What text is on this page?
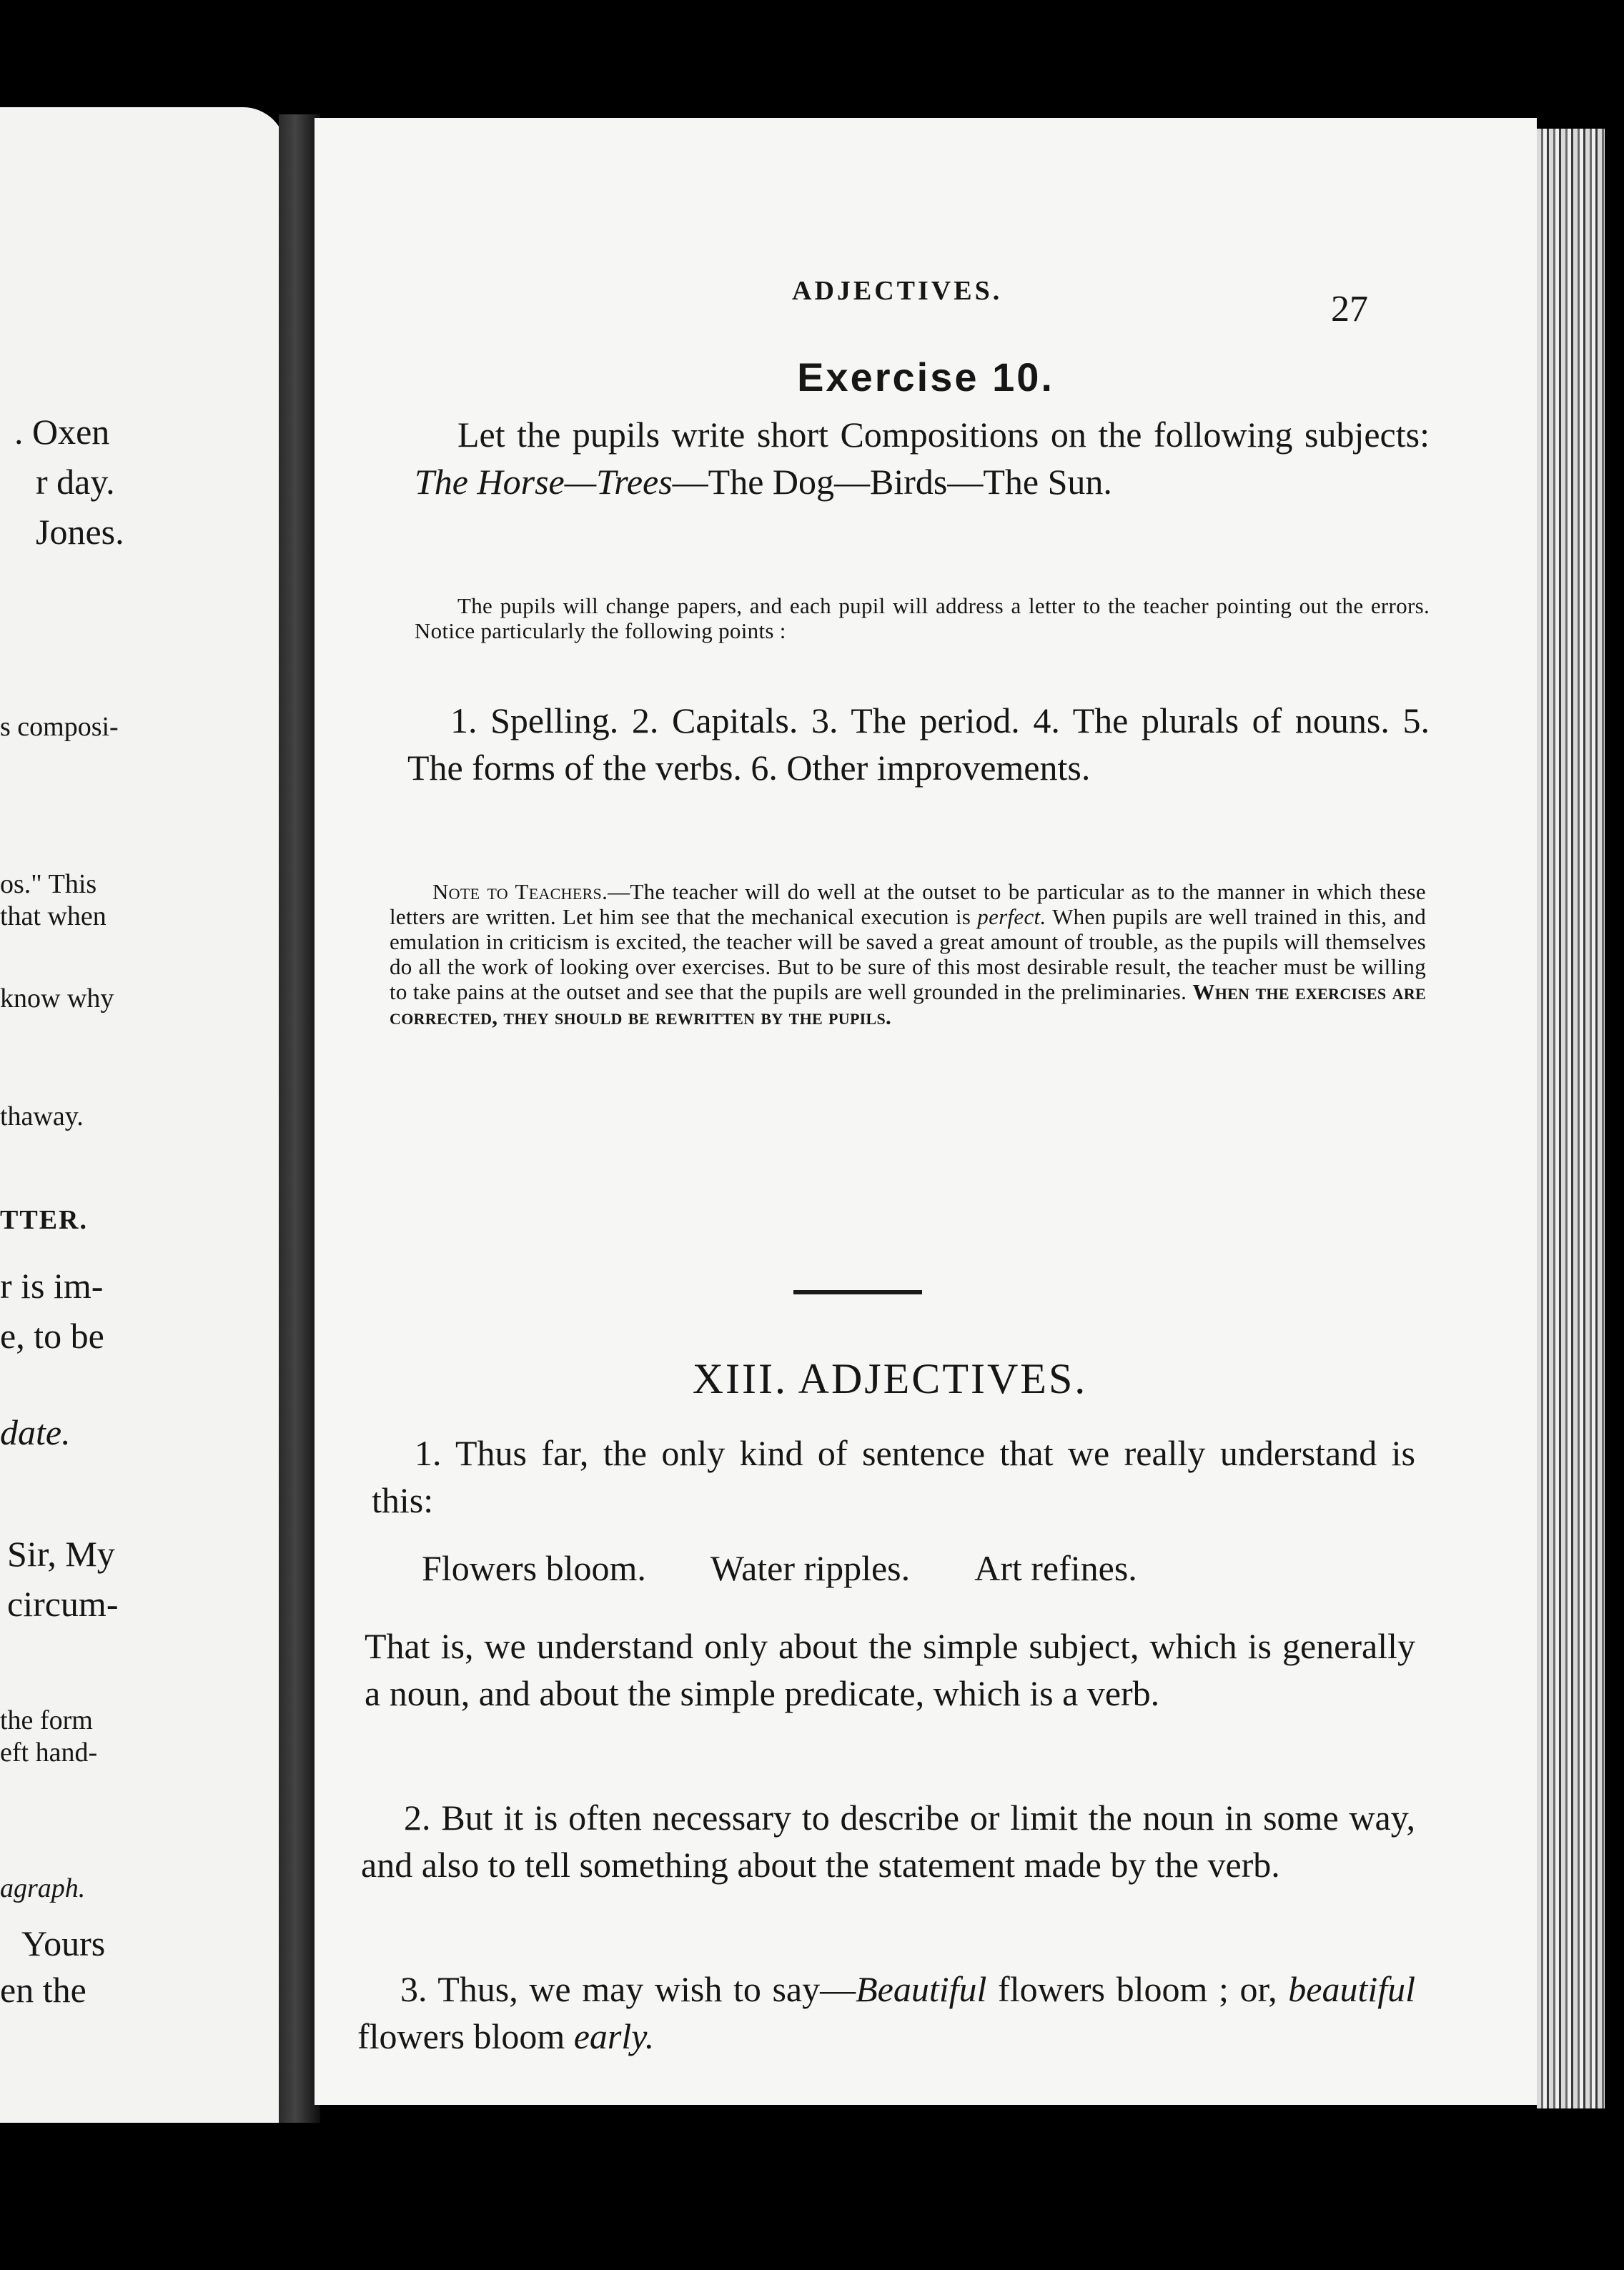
. Oxen
r day.
Jones.
s composi-
os." This
that when
know why
thaway.
TTER.
r is im-
e, to be
date.
Sir, My
circum-
the form
eft hand-
agraph.
Yours
en the
ADJECTIVES.	27
Exercise 10.

Let the pupils write short Compositions on the following subjects: The Horse—Trees—The Dog—Birds—The Sun.

The pupils will change papers, and each pupil will address a letter to the teacher pointing out the errors. Notice particularly the following points :

1. Spelling. 2. Capitals. 3. The period. 4. The plurals of nouns. 5. The forms of the verbs. 6. Other improvements.

Note to Teachers.—The teacher will do well at the outset to be particular as to the manner in which these letters are written. Let him see that the mechanical execution is perfect. When pupils are well trained in this, and emulation in criticism is excited, the teacher will be saved a great amount of trouble, as the pupils will themselves do all the work of looking over exercises. But to be sure of this most desirable result, the teacher must be willing to take pains at the outset and see that the pupils are well grounded in the preliminaries. When the exercises are corrected, they should be rewritten by the pupils.

XIII. ADJECTIVES.

1. Thus far, the only kind of sentence that we really understand is this:

Flowers bloom. Water ripples. Art refines.

That is, we understand only about the simple subject, which is generally a noun, and about the simple predicate, which is a verb.

2. But it is often necessary to describe or limit the noun in some way, and also to tell something about the statement made by the verb.

3. Thus, we may wish to say—Beautiful flowers bloom ; or, beautiful flowers bloom early.
